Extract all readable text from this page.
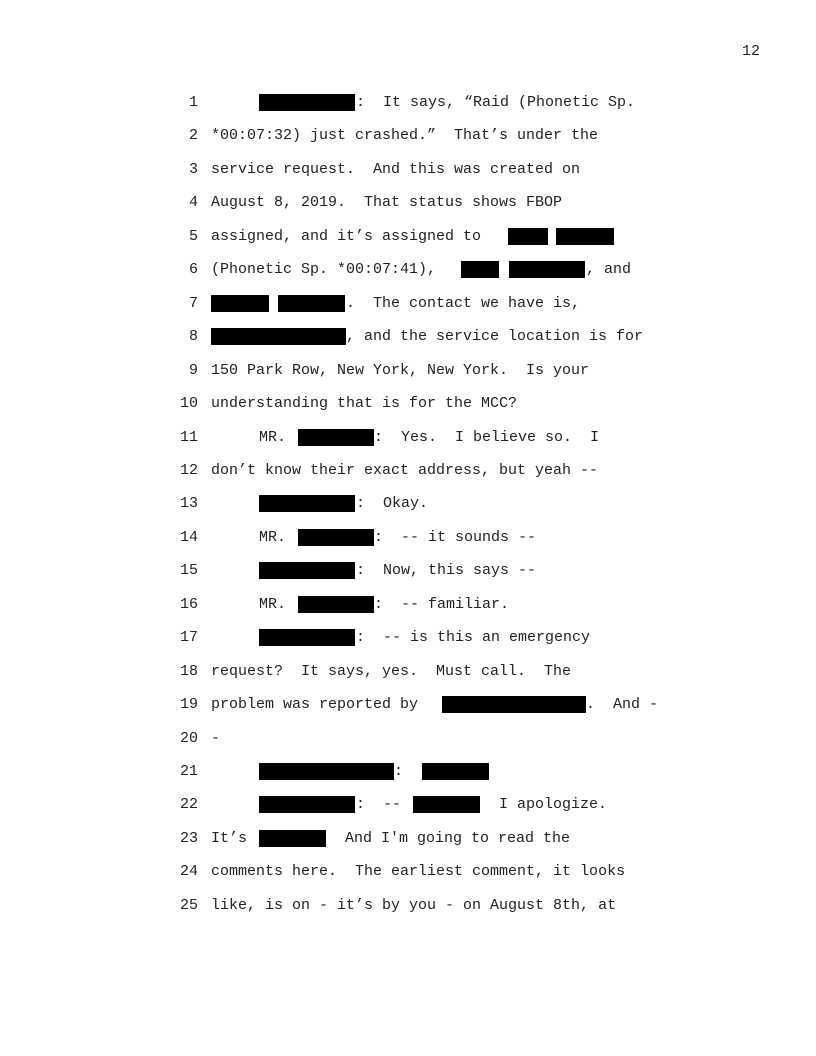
12
1	:  It says, “Raid (Phonetic Sp.
2 *00:07:32) just crashed.”  That’s under the
3 service request.  And this was created on
4 August 8, 2019.  That status shows FBOP
5 assigned, and it’s assigned to
6 (Phonetic Sp. *00:07:41),	, and
7	.  The contact we have is,
8	, and the service location is for
9 150 Park Row, New York, New York.  Is your
10 understanding that is for the MCC?
11	MR.	:  Yes.  I believe so.  I
12 don’t know their exact address, but yeah --
13	:  Okay.
14	MR.	:  -- it sounds --
15	:  Now, this says --
16	MR.	:  -- familiar.
17	:  -- is this an emergency
18 request?  It says, yes.  Must call.  The
19 problem was reported by	.  And -
20 -
21	:
22	:  --	I apologize.
23 It’s	And I'm going to read the
24 comments here.  The earliest comment, it looks
25 like, is on - it’s by you - on August 8th, at
